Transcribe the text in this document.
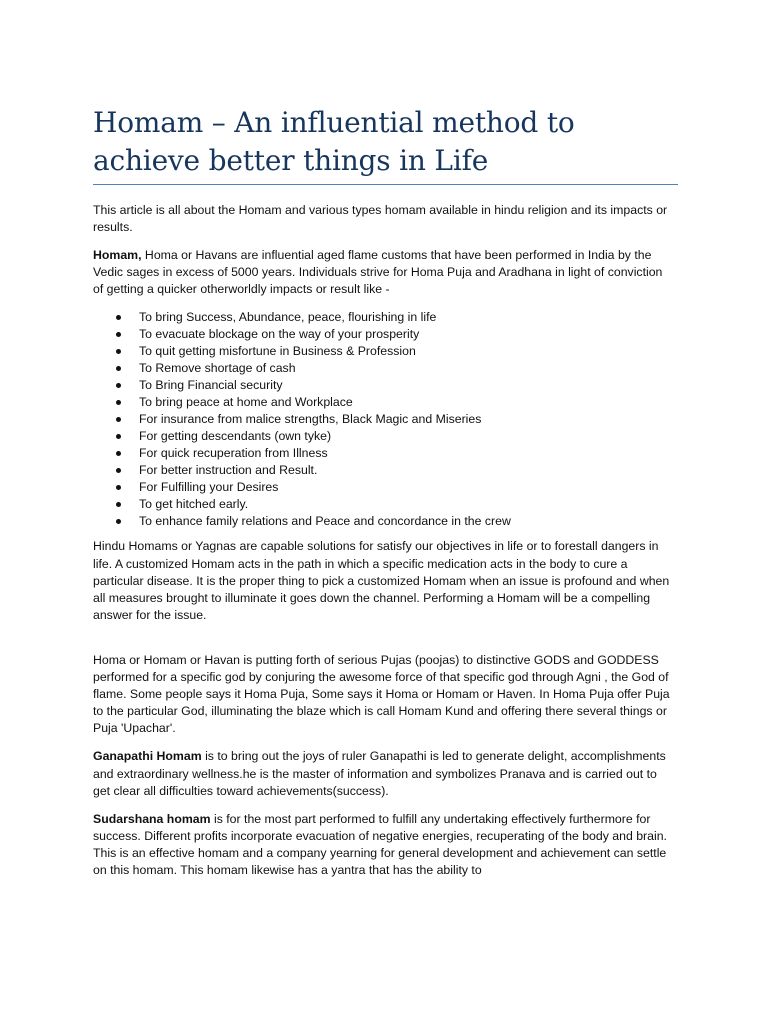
Homam – An influential method to achieve better things in Life

This article is all about the Homam and various types homam available in hindu religion and its impacts or results.

Homam, Homa or Havans are influential aged flame customs that have been performed in India by the Vedic sages in excess of 5000 years. Individuals strive for Homa Puja and Aradhana in light of conviction of getting a quicker otherworldly impacts or result like -

To bring Success, Abundance, peace, flourishing in life
To evacuate blockage on the way of your prosperity
To quit getting misfortune in Business & Profession
To Remove shortage of cash
To Bring Financial security
To bring peace at home and Workplace
For insurance from malice strengths, Black Magic and Miseries
For getting descendants (own tyke)
For quick recuperation from Illness
For better instruction and Result.
For Fulfilling your Desires
To get hitched early.
To enhance family relations and Peace and concordance in the crew

Hindu Homams or Yagnas are capable solutions for satisfy our objectives in life or to forestall dangers in life. A customized Homam acts in the path in which a specific medication acts in the body to cure a particular disease. It is the proper thing to pick a customized Homam when an issue is profound and when all measures brought to illuminate it goes down the channel. Performing a Homam will be a compelling answer for the issue.

Homa or Homam or Havan is putting forth of serious Pujas (poojas) to distinctive GODS and GODDESS performed for a specific god by conjuring the awesome force of that specific god through Agni , the God of flame. Some people says it Homa Puja, Some says it Homa or Homam or Haven. In Homa Puja offer Puja to the particular God, illuminating the blaze which is call Homam Kund and offering there several things or Puja 'Upachar'.

Ganapathi Homam is to bring out the joys of ruler Ganapathi is led to generate delight, accomplishments and extraordinary wellness.he is the master of information and symbolizes Pranava and is carried out to get clear all difficulties toward achievements(success).

Sudarshana homam is for the most part performed to fulfill any undertaking effectively furthermore for success. Different profits incorporate evacuation of negative energies, recuperating of the body and brain. This is an effective homam and a company yearning for general development and achievement can settle on this homam. This homam likewise has a yantra that has the ability to
